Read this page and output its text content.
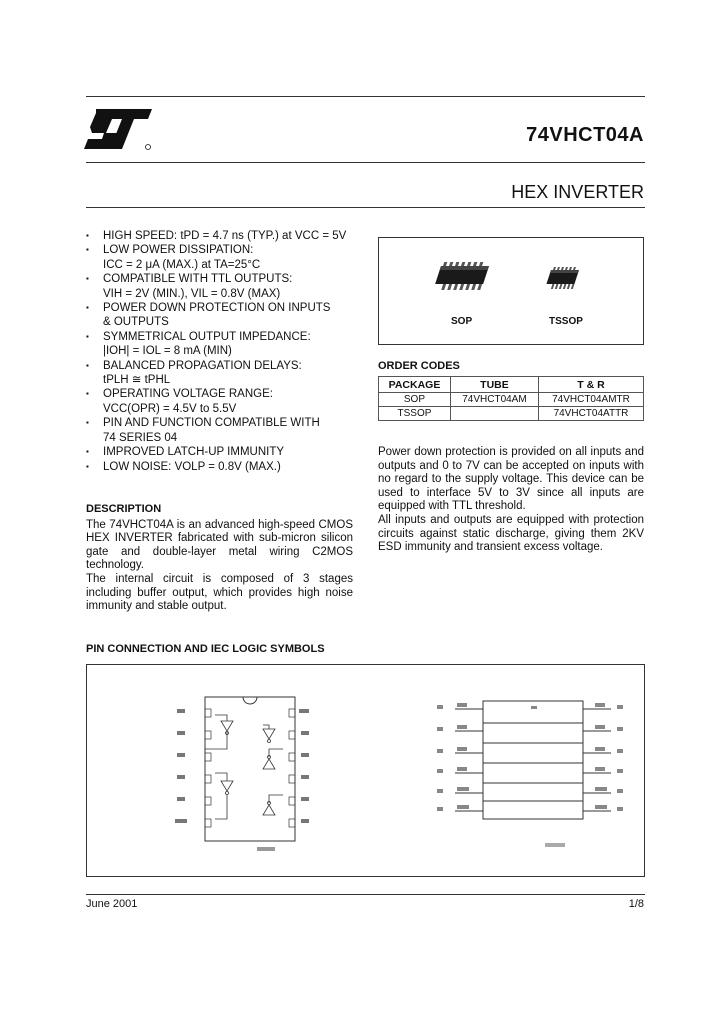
74VHCT04A
HEX INVERTER
▪ HIGH SPEED: tPD = 4.7 ns (TYP.) at VCC = 5V
▪ LOW POWER DISSIPATION:
ICC = 2 μA (MAX.) at TA=25°C
▪ COMPATIBLE WITH TTL OUTPUTS:
VIH = 2V (MIN.), VIL = 0.8V (MAX)
▪ POWER DOWN PROTECTION ON INPUTS
& OUTPUTS
▪ SYMMETRICAL OUTPUT IMPEDANCE:
|IOH| = IOL = 8 mA (MIN)
▪ BALANCED PROPAGATION DELAYS:
tPLH ≅ tPHL
▪ OPERATING VOLTAGE RANGE:
VCC(OPR) = 4.5V to 5.5V
▪ PIN AND FUNCTION COMPATIBLE WITH
74 SERIES 04
▪ IMPROVED LATCH-UP IMMUNITY
▪ LOW NOISE: VOLP = 0.8V (MAX.)
DESCRIPTION
The 74VHCT04A is an advanced high-speed CMOS HEX INVERTER fabricated with sub-micron silicon gate and double-layer metal wiring C2MOS technology.
The internal circuit is composed of 3 stages including buffer output, which provides high noise immunity and stable output.
SOP	TSSOP
ORDER CODES
PACKAGE	TUBE	T & R
SOP	74VHCT04AM	74VHCT04AMTR
TSSOP		74VHCT04ATTR
Power down protection is provided on all inputs and outputs and 0 to 7V can be accepted on inputs with no regard to the supply voltage. This device can be used to interface 5V to 3V since all inputs are equipped with TTL threshold.
All inputs and outputs are equipped with protection circuits against static discharge, giving them 2KV ESD immunity and transient excess voltage.
PIN CONNECTION AND IEC LOGIC SYMBOLS
June 2001	1/8
